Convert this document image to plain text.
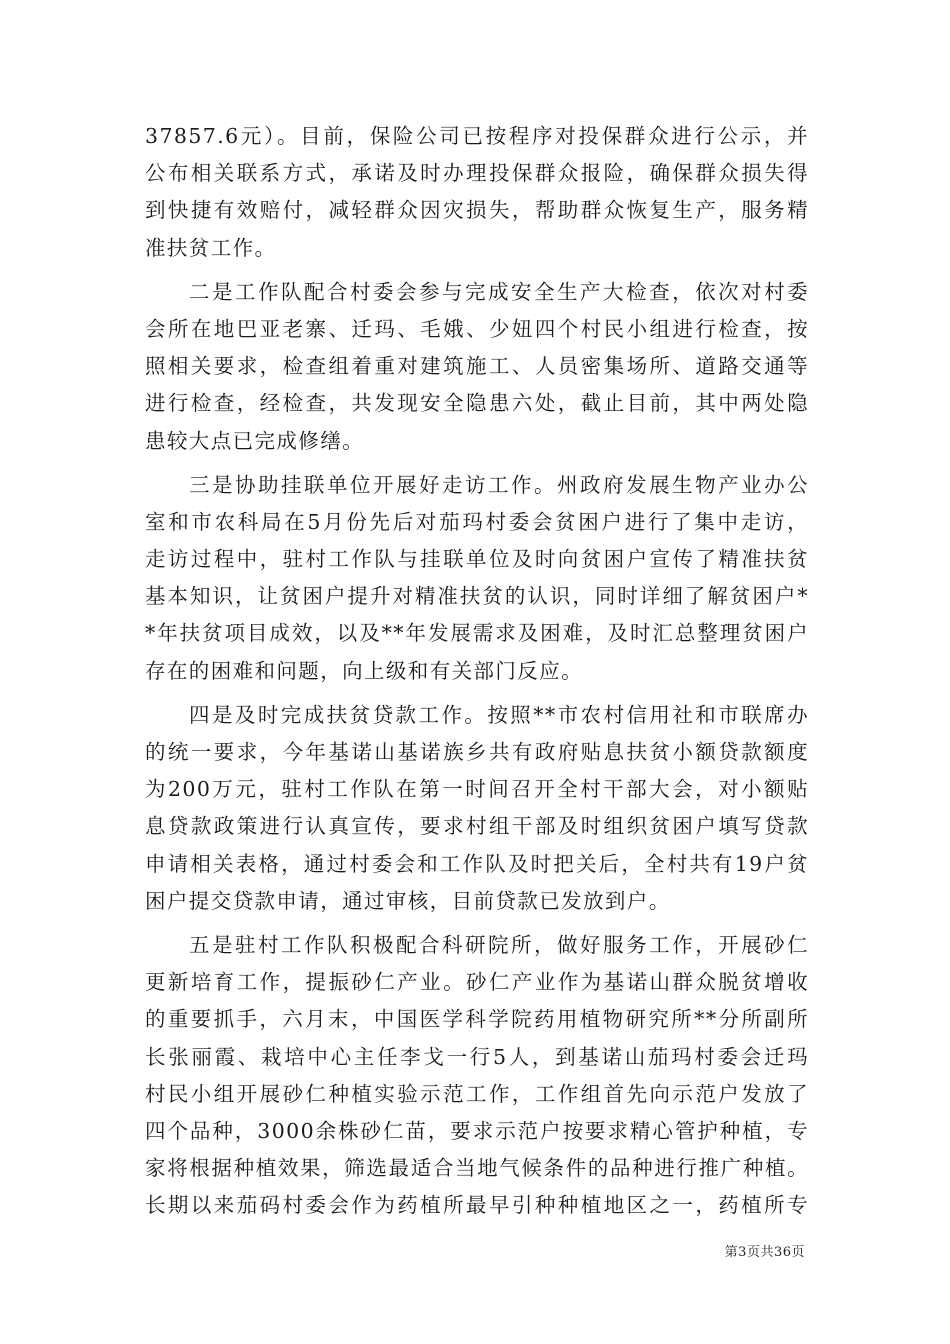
37857.6元）。目前，保险公司已按程序对投保群众进行公示，并
公布相关联系方式，承诺及时办理投保群众报险，确保群众损失得
到快捷有效赔付，减轻群众因灾损失，帮助群众恢复生产，服务精
准扶贫工作。
二是工作队配合村委会参与完成安全生产大检查，依次对村委
会所在地巴亚老寨、迁玛、毛娥、少妞四个村民小组进行检查，按
照相关要求，检查组着重对建筑施工、人员密集场所、道路交通等
进行检查，经检查，共发现安全隐患六处，截止目前，其中两处隐
患较大点已完成修缮。
三是协助挂联单位开展好走访工作。州政府发展生物产业办公
室和市农科局在5月份先后对茄玛村委会贫困户进行了集中走访，
走访过程中，驻村工作队与挂联单位及时向贫困户宣传了精准扶贫
基本知识，让贫困户提升对精准扶贫的认识，同时详细了解贫困户*
*年扶贫项目成效，以及**年发展需求及困难，及时汇总整理贫困户
存在的困难和问题，向上级和有关部门反应。
四是及时完成扶贫贷款工作。按照**市农村信用社和市联席办
的统一要求，今年基诺山基诺族乡共有政府贴息扶贫小额贷款额度
为200万元，驻村工作队在第一时间召开全村干部大会，对小额贴
息贷款政策进行认真宣传，要求村组干部及时组织贫困户填写贷款
申请相关表格，通过村委会和工作队及时把关后，全村共有19户贫
困户提交贷款申请，通过审核，目前贷款已发放到户。
五是驻村工作队积极配合科研院所，做好服务工作，开展砂仁
更新培育工作，提振砂仁产业。砂仁产业作为基诺山群众脱贫增收
的重要抓手，六月末，中国医学科学院药用植物研究所**分所副所
长张丽霞、栽培中心主任李戈一行5人，到基诺山茄玛村委会迁玛
村民小组开展砂仁种植实验示范工作，工作组首先向示范户发放了
四个品种，3000余株砂仁苗，要求示范户按要求精心管护种植，专
家将根据种植效果，筛选最适合当地气候条件的品种进行推广种植。
长期以来茄码村委会作为药植所最早引种种植地区之一，药植所专
第3页共36页
